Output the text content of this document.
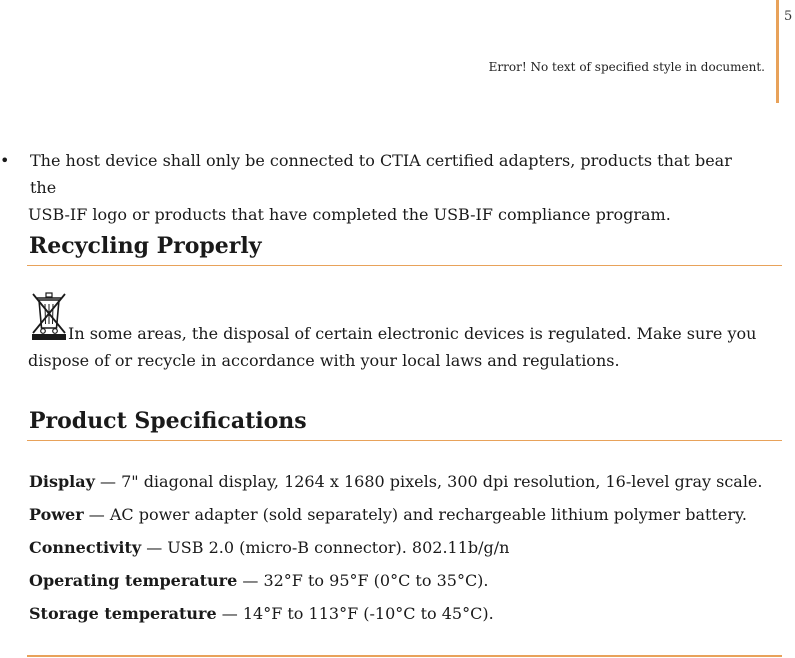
5
Error! No text of specified style in document.
•	The host device shall only be connected to CTIA certified adapters, products that bear the
USB-IF logo or products that have completed the USB-IF compliance program.
Recycling Properly
In some areas, the disposal of certain electronic devices is regulated. Make sure you
dispose of or recycle in accordance with your local laws and regulations.
Product Specifications
Display — 7" diagonal display, 1264 x 1680 pixels, 300 dpi resolution, 16-level gray scale.
Power — AC power adapter (sold separately) and rechargeable lithium polymer battery.
Connectivity — USB 2.0 (micro-B connector). 802.11b/g/n
Operating temperature — 32°F to 95°F (0°C to 35°C).
Storage temperature — 14°F to 113°F (-10°C to 45°C).
